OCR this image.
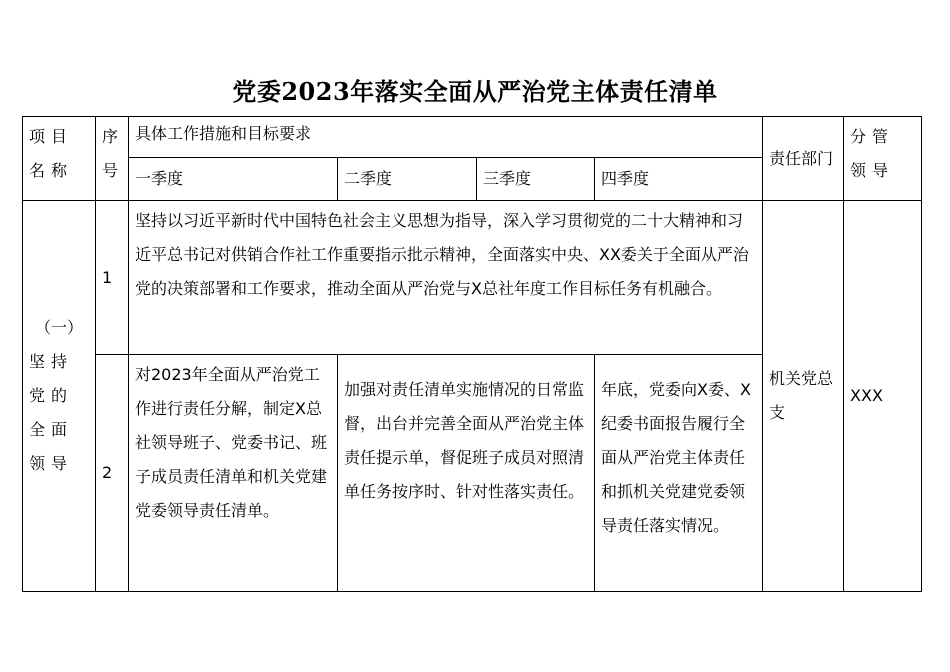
党委2023年落实全面从严治党主体责任清单
项目名称	序号	具体工作措施和目标要求				责任部门	分管领导
		一季度	二季度	三季度	四季度		

（一）
坚持党的全面领导	1	坚持以习近平新时代中国特色社会主义思想为指导，深入学习贯彻党的二十大精神和习近平总书记对供销合作社工作重要指示批示精神，全面落实中央、XX委关于全面从严治党的决策部署和工作要求，推动全面从严治党与X总社年度工作目标任务有机融合。				机关党总支	XXX
	2	对2023年全面从严治党工作进行责任分解，制定X总社领导班子、党委书记、班子成员责任清单和机关党建党委领导责任清单。	加强对责任清单实施情况的日常监督，出台并完善全面从严治党主体责任提示单，督促班子成员对照清单任务按序时、针对性落实责任。		年底，党委向X委、X纪委书面报告履行全面从严治党主体责任和抓机关党建党委领导责任落实情况。		
